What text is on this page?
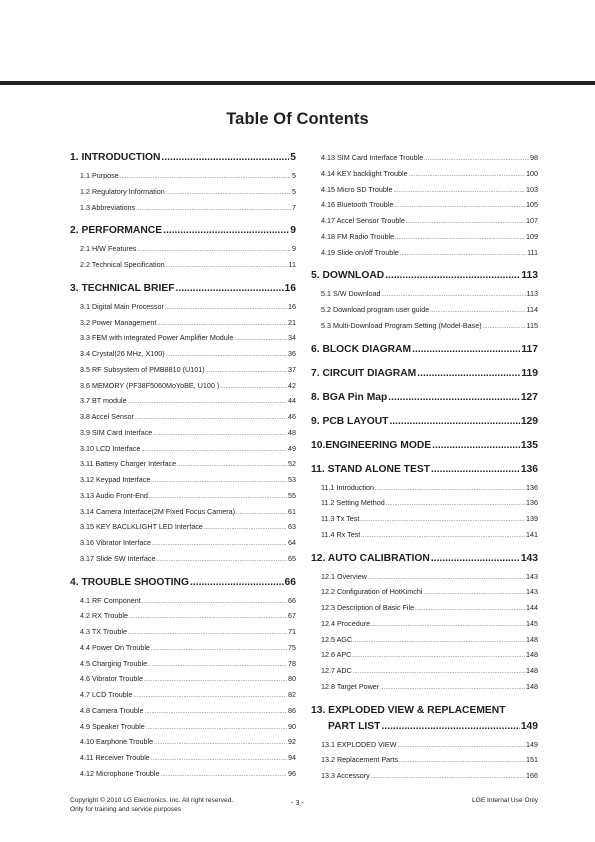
Table Of Contents
1. INTRODUCTION .....	5
1.1 Purpose .....	5
1.2 Regulatory Information .....	5
1.3 Abbreviations .....	7
2. PERFORMANCE .....	9
2.1 H/W Features .....	9
2.2 Technical Specification .....	11
3. TECHNICAL BRIEF .....	16
3.1 Digital Main Processor .....	16
3.2 Power Management .....	21
3.3 FEM with integrated Power Amplifier Module .....	34
3.4 Crystal(26 MHz, X100) .....	36
3.5 RF Subsystem of PMB8810 (U101) .....	37
3.6 MEMORY (PF38F5060MoYoBE, U100 ) .....	42
3.7 BT module .....	44
3.8 Accel Sensor .....	46
3.9 SIM Card Interface .....	48
3.10 LCD Interface .....	49
3.11 Battery Charger Interface .....	52
3.12 Keypad Interface .....	53
3.13 Audio Front-End .....	55
3.14 Camera Interface(2M Fixed Focus Camera) .....	61
3.15 KEY BACLKLIGHT LED Interface .....	63
3.16 Vibrator Interface .....	64
3.17 Slide SW Interface .....	65
4. TROUBLE SHOOTING .....	66
4.1 RF Component .....	66
4.2 RX Trouble .....	67
4.3 TX Trouble .....	71
4.4 Power On Trouble .....	75
4.5 Charging Trouble .....	78
4.6 Vibrator Trouble .....	80
4.7 LCD Trouble .....	82
4.8 Camera Trouble .....	86
4.9 Speaker Trouble .....	90
4.10 Earphone Trouble .....	92
4.11 Receiver Trouble .....	94
4.12 Microphone Trouble .....	96
4.13 SIM Card Interface Trouble .....	98
4.14 KEY backlight Trouble .....	100
4.15 Micro SD Trouble .....	103
4.16 Bluetooth Trouble .....	105
4.17 Accel Sensor Trouble .....	107
4.18 FM Radio Trouble .....	109
4.19 Slide on/off Trouble .....	111
5. DOWNLOAD .....	113
5.1 S/W Download .....	113
5.2 Download program user guide .....	114
5.3 Multi-Download Program Setting (Model-Base) .....	115
6. BLOCK DIAGRAM .....	117
7. CIRCUIT DIAGRAM .....	119
8. BGA Pin Map .....	127
9. PCB LAYOUT .....	129
10.ENGINEERING MODE .....	135
11. STAND ALONE TEST .....	136
11.1 Introduction .....	136
11.2 Setting Method .....	136
11.3 Tx Test .....	139
11.4 Rx Test .....	141
12. AUTO CALIBRATION .....	143
12.1 Overview .....	143
12.2 Configuration of HotKimchi .....	143
12.3 Description of Basic File .....	144
12.4 Procedure .....	145
12.5 AGC .....	148
12.6 APC .....	148
12.7 ADC .....	148
12.8 Target Power .....	148
13. EXPLODED VIEW & REPLACEMENT
PART LIST .....	149
13.1 EXPLODED VIEW .....	149
13.2 Replacement Parts .....	151
13.3 Accessory .....	166
Copyright © 2010 LG Electronics. Inc. All right reserved.
Only for training and service purposes
- 3 -	LGE Internal Use Only
